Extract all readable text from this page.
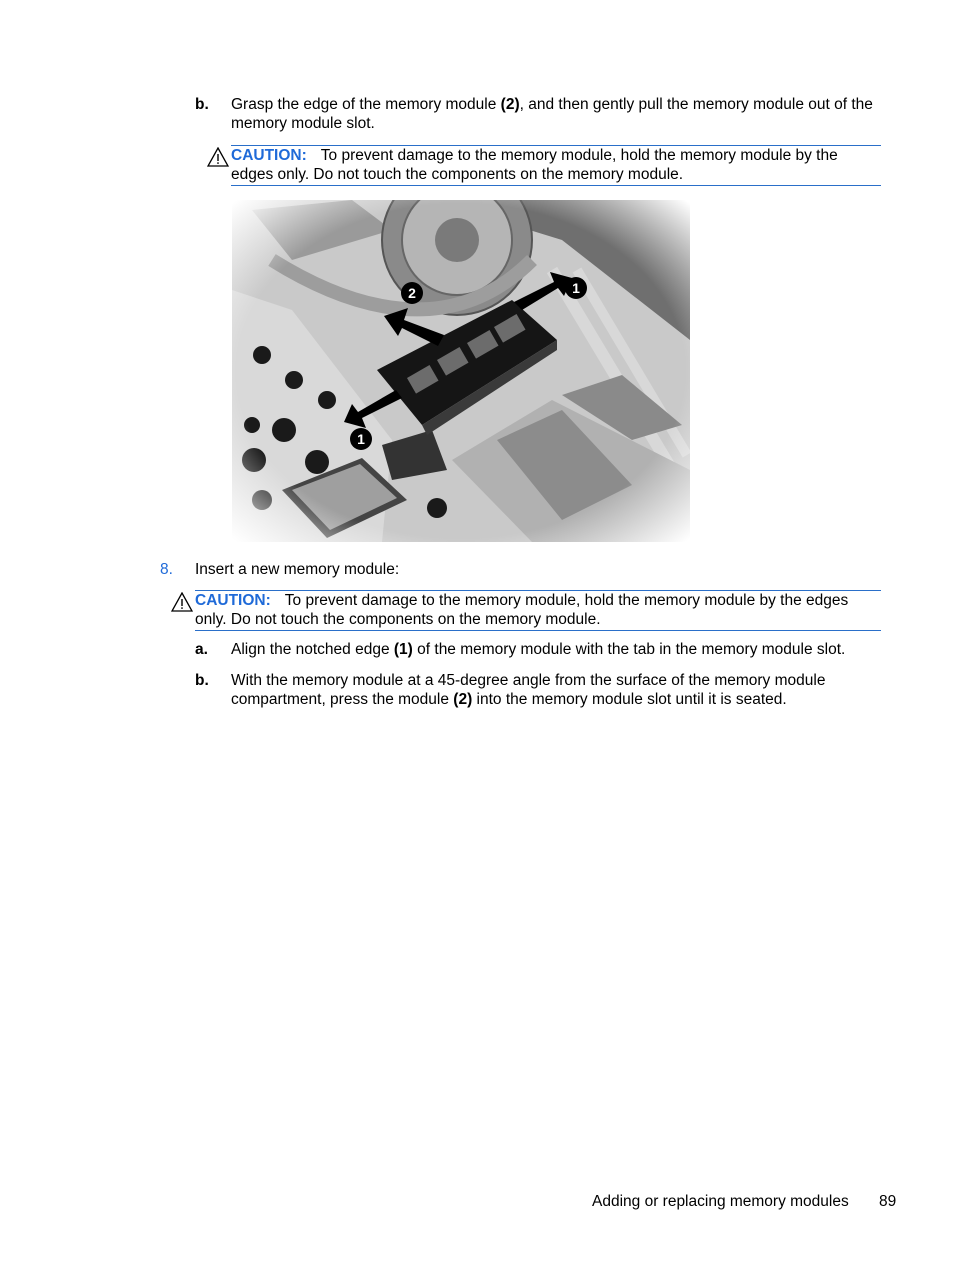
b. Grasp the edge of the memory module (2), and then gently pull the memory module out of the memory module slot.
CAUTION: To prevent damage to the memory module, hold the memory module by the edges only. Do not touch the components on the memory module.
1
2
1
8. Insert a new memory module:
CAUTION: To prevent damage to the memory module, hold the memory module by the edges only. Do not touch the components on the memory module.
a. Align the notched edge (1) of the memory module with the tab in the memory module slot.
b. With the memory module at a 45-degree angle from the surface of the memory module compartment, press the module (2) into the memory module slot until it is seated.
Adding or replacing memory modules 89
